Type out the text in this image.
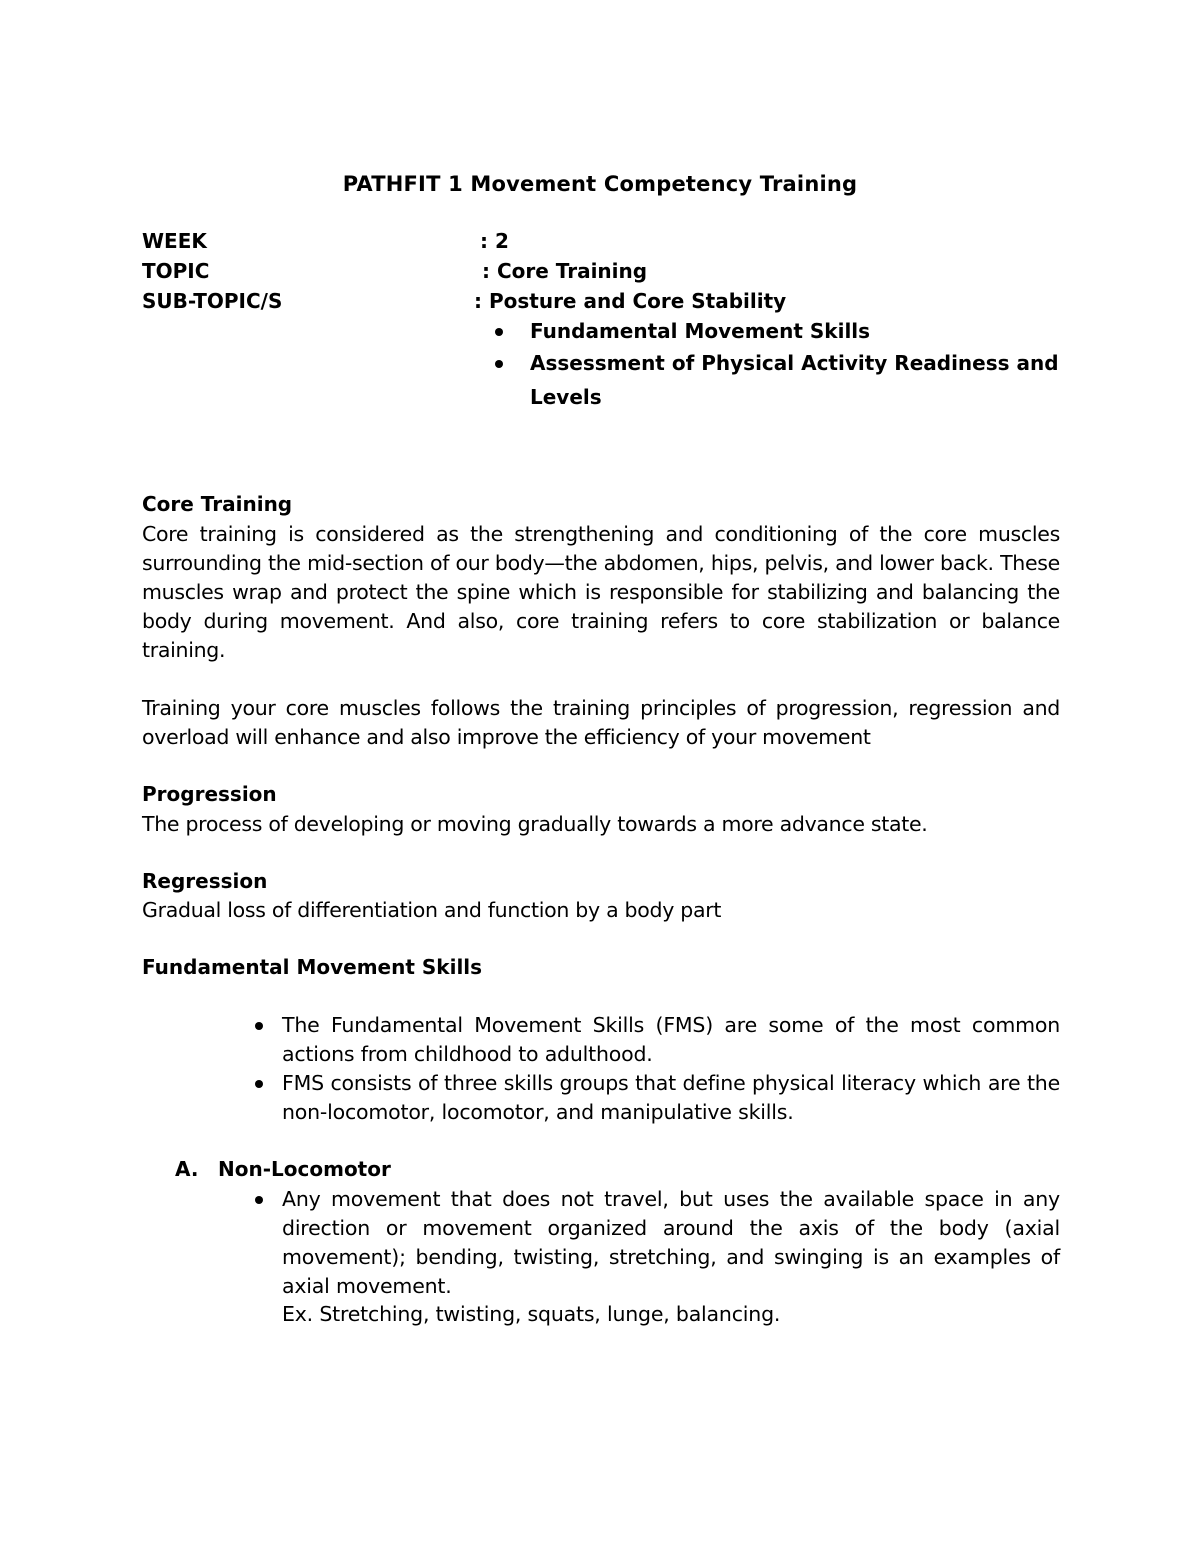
PATHFIT 1 Movement Competency Training
WEEK	: 2
TOPIC	: Core Training
SUB-TOPIC/S	: Posture and Core Stability
Fundamental Movement Skills
Assessment of Physical Activity Readiness and Levels
Core Training
Core training is considered as the strengthening and conditioning of the core muscles surrounding the mid-section of our body—the abdomen, hips, pelvis, and lower back. These muscles wrap and protect the spine which is responsible for stabilizing and balancing the body during movement. And also, core training refers to core stabilization or balance training.
Training your core muscles follows the training principles of progression, regression and overload will enhance and also improve the efficiency of your movement
Progression
The process of developing or moving gradually towards a more advance state.
Regression
Gradual loss of differentiation and function by a body part
Fundamental Movement Skills
The Fundamental Movement Skills (FMS) are some of the most common actions from childhood to adulthood.
FMS consists of three skills groups that define physical literacy which are the non-locomotor, locomotor, and manipulative skills.
A. Non-Locomotor
Any movement that does not travel, but uses the available space in any direction or movement organized around the axis of the body (axial movement); bending, twisting, stretching, and swinging is an examples of axial movement.
Ex. Stretching, twisting, squats, lunge, balancing.
